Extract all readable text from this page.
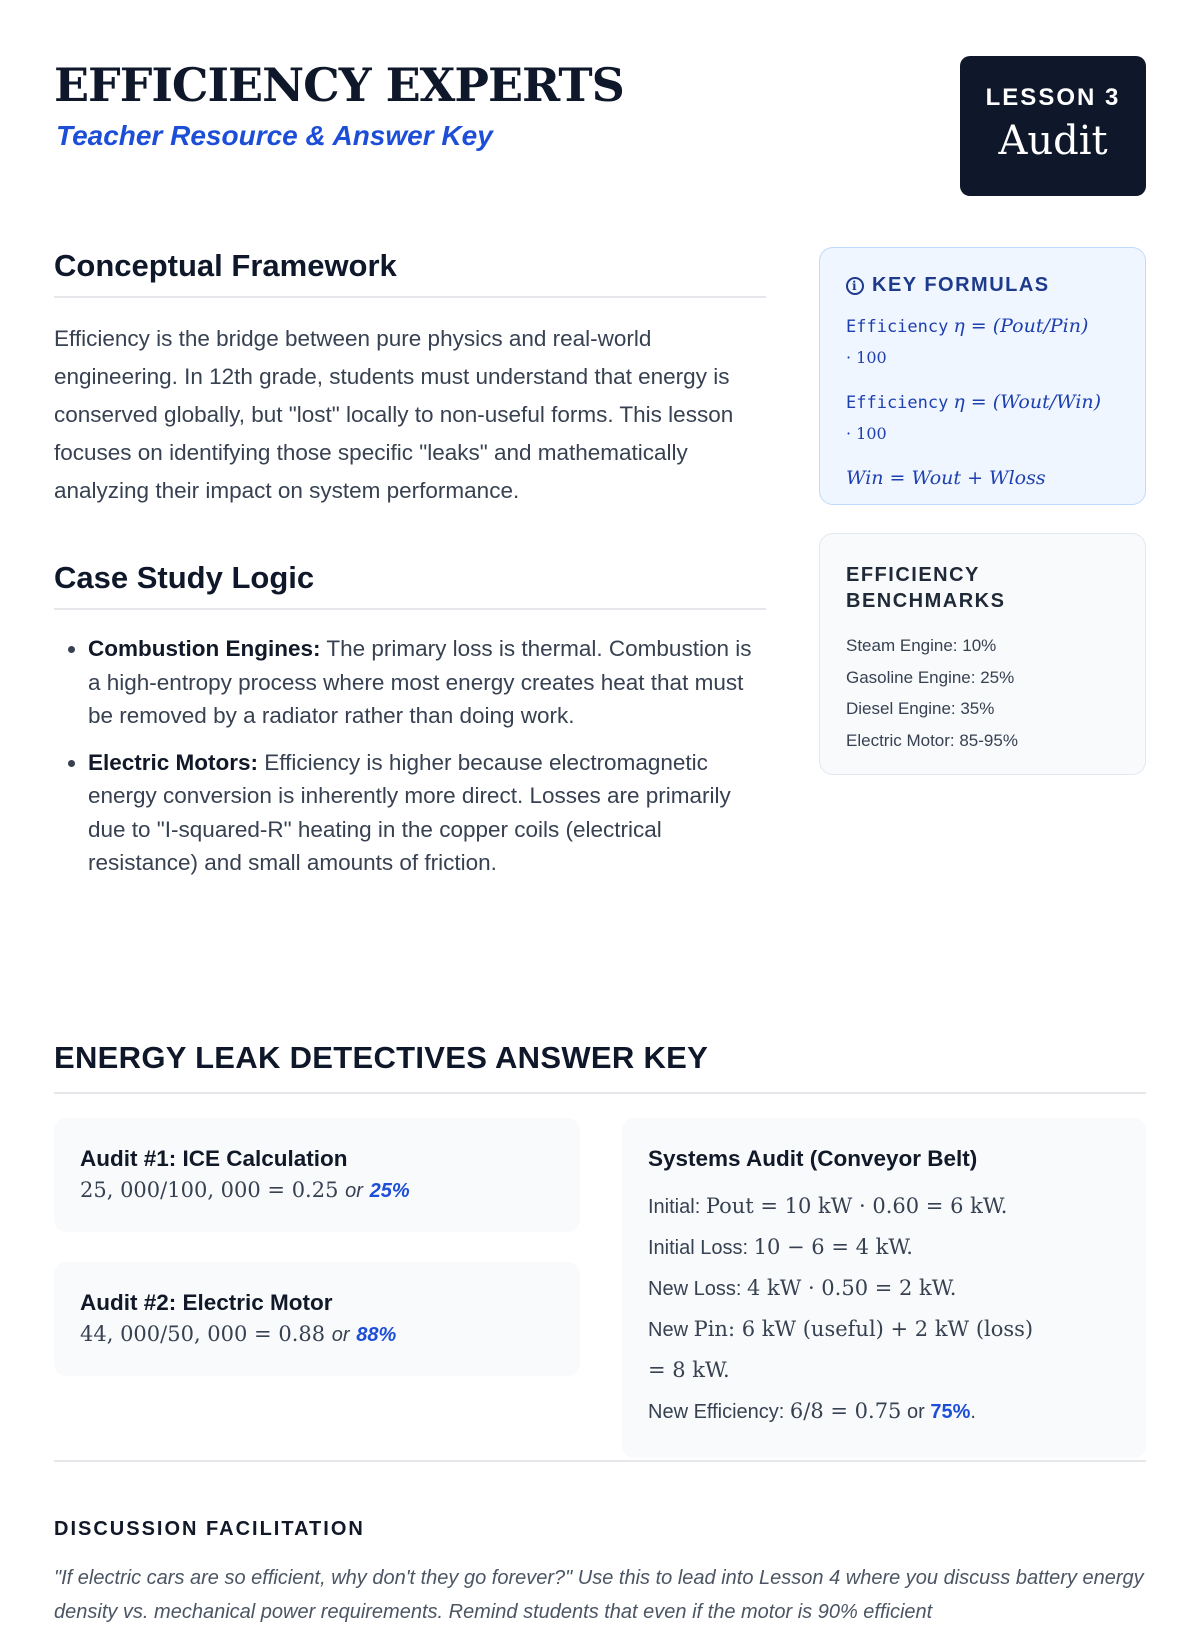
EFFICIENCY EXPERTS
Teacher Resource & Answer Key
LESSON 3
Audit
Conceptual Framework

Efficiency is the bridge between pure physics and real-world engineering. In 12th grade, students must understand that energy is conserved globally, but "lost" locally to non-useful forms. This lesson focuses on identifying those specific "leaks" and mathematically analyzing their impact on system performance.

Case Study Logic
• Combustion Engines: The primary loss is thermal. Combustion is a high-entropy process where most energy creates heat that must be removed by a radiator rather than doing work.
• Electric Motors: Efficiency is higher because electromagnetic energy conversion is inherently more direct. Losses are primarily due to "I-squared-R" heating in the copper coils (electrical resistance) and small amounts of friction.
i KEY FORMULAS
Efficiency η = (Pout/Pin)
· 100
Efficiency η = (Wout/Win)
· 100
Win = Wout + Wloss
EFFICIENCY BENCHMARKS
Steam Engine: 10%
Gasoline Engine: 25%
Diesel Engine: 35%
Electric Motor: 85-95%
ENERGY LEAK DETECTIVES ANSWER KEY
Audit #1: ICE Calculation
25, 000/100, 000 = 0.25 or 25%
Audit #2: Electric Motor
44, 000/50, 000 = 0.88 or 88%
Systems Audit (Conveyor Belt)
Initial: Pout = 10 kW · 0.60 = 6 kW.
Initial Loss: 10 − 6 = 4 kW.
New Loss: 4 kW · 0.50 = 2 kW.
New Pin: 6 kW (useful) + 2 kW (loss)
= 8 kW.
New Efficiency: 6/8 = 0.75 or 75%.
DISCUSSION FACILITATION
"If electric cars are so efficient, why don't they go forever?" Use this to lead into Lesson 4 where you discuss battery energy density vs. mechanical power requirements. Remind students that even if the motor is 90% efficient
